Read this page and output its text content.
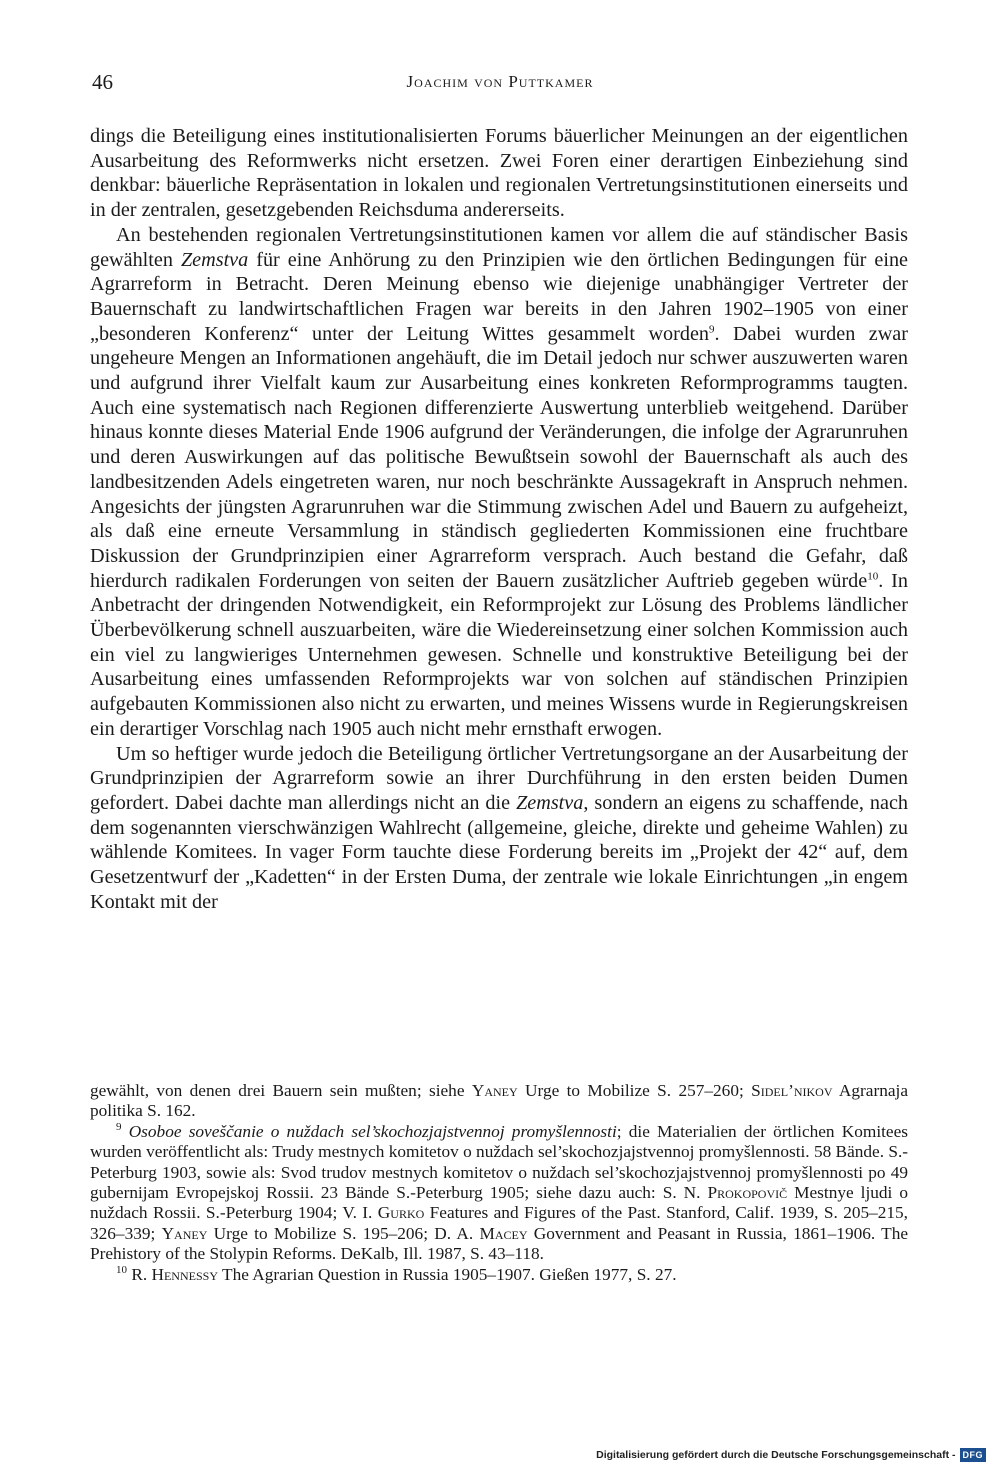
46	Joachim von Puttkamer

dings die Beteiligung eines institutionalisierten Forums bäuerlicher Meinungen an der eigentlichen Ausarbeitung des Reformwerks nicht ersetzen. Zwei Foren einer derartigen Einbeziehung sind denkbar: bäuerliche Repräsentation in lokalen und regionalen Vertretungsinstitutionen einerseits und in der zentralen, gesetzgebenden Reichsduma andererseits.

An bestehenden regionalen Vertretungsinstitutionen kamen vor allem die auf ständischer Basis gewählten Zemstva für eine Anhörung zu den Prinzipien wie den örtlichen Bedingungen für eine Agrarreform in Betracht. Deren Meinung ebenso wie diejenige unabhängiger Vertreter der Bauernschaft zu landwirtschaftlichen Fragen war bereits in den Jahren 1902–1905 von einer „besonderen Konferenz“ unter der Leitung Wittes gesammelt worden$^9$. Dabei wurden zwar ungeheure Mengen an Informationen angehäuft, die im Detail jedoch nur schwer auszuwerten waren und aufgrund ihrer Vielfalt kaum zur Ausarbeitung eines konkreten Reformprogramms taugten. Auch eine systematisch nach Regionen differenzierte Auswertung unterblieb weitgehend. Darüber hinaus konnte dieses Material Ende 1906 aufgrund der Veränderungen, die infolge der Agrarunruhen und deren Auswirkungen auf das politische Bewußtsein sowohl der Bauernschaft als auch des landbesitzenden Adels eingetreten waren, nur noch beschränkte Aussagekraft in Anspruch nehmen. Angesichts der jüngsten Agrarunruhen war die Stimmung zwischen Adel und Bauern zu aufgeheizt, als daß eine erneute Versammlung in ständisch gegliederten Kommissionen eine fruchtbare Diskussion der Grundprinzipien einer Agrarreform versprach. Auch bestand die Gefahr, daß hierdurch radikalen Forderungen von seiten der Bauern zusätzlicher Auftrieb gegeben würde$^{10}$. In Anbetracht der dringenden Notwendigkeit, ein Reformprojekt zur Lösung des Problems ländlicher Überbevölkerung schnell auszuarbeiten, wäre die Wiedereinsetzung einer solchen Kommission auch ein viel zu langwieriges Unternehmen gewesen. Schnelle und konstruktive Beteiligung bei der Ausarbeitung eines umfassenden Reformprojekts war von solchen auf ständischen Prinzipien aufgebauten Kommissionen also nicht zu erwarten, und meines Wissens wurde in Regierungskreisen ein derartiger Vorschlag nach 1905 auch nicht mehr ernsthaft erwogen.

Um so heftiger wurde jedoch die Beteiligung örtlicher Vertretungsorgane an der Ausarbeitung der Grundprinzipien der Agrarreform sowie an ihrer Durchführung in den ersten beiden Dumen gefordert. Dabei dachte man allerdings nicht an die Zemstva, sondern an eigens zu schaffende, nach dem sogenannten vierschwänzigen Wahlrecht (allgemeine, gleiche, direkte und geheime Wahlen) zu wählende Komitees. In vager Form tauchte diese Forderung bereits im „Projekt der 42“ auf, dem Gesetzentwurf der „Kadetten“ in der Ersten Duma, der zentrale wie lokale Einrichtungen „in engem Kontakt mit der

gewählt, von denen drei Bauern sein mußten; siehe Yaney Urge to Mobilize S. 257–260; Sidel’nikov Agrarnaja politika S. 162.

$^9$ Osoboe soveščanie o nuždach sel’skochozjajstvennoj promyšlennosti; die Materialien der örtlichen Komitees wurden veröffentlicht als: Trudy mestnych komitetov o nuždach sel’skochozjajstvennoj promyšlennosti. 58 Bände. S.-Peterburg 1903, sowie als: Svod trudov mestnych komitetov o nuždach sel’skochozjajstvennoj promyšlennosti po 49 gubernijam Evropejskoj Rossii. 23 Bände S.-Peterburg 1905; siehe dazu auch: S. N. Prokopovič Mestnye ljudi o nuždach Rossii. S.-Peterburg 1904; V. I. Gurko Features and Figures of the Past. Stanford, Calif. 1939, S. 205–215, 326–339; Yaney Urge to Mobilize S. 195–206; D. A. Macey Government and Peasant in Russia, 1861–1906. The Prehistory of the Stolypin Reforms. DeKalb, Ill. 1987, S. 43–118.

$^{10}$ R. Hennessy The Agrarian Question in Russia 1905–1907. Gießen 1977, S. 27.

Digitalisierung gefördert durch die Deutsche Forschungsgemeinschaft - DFG
